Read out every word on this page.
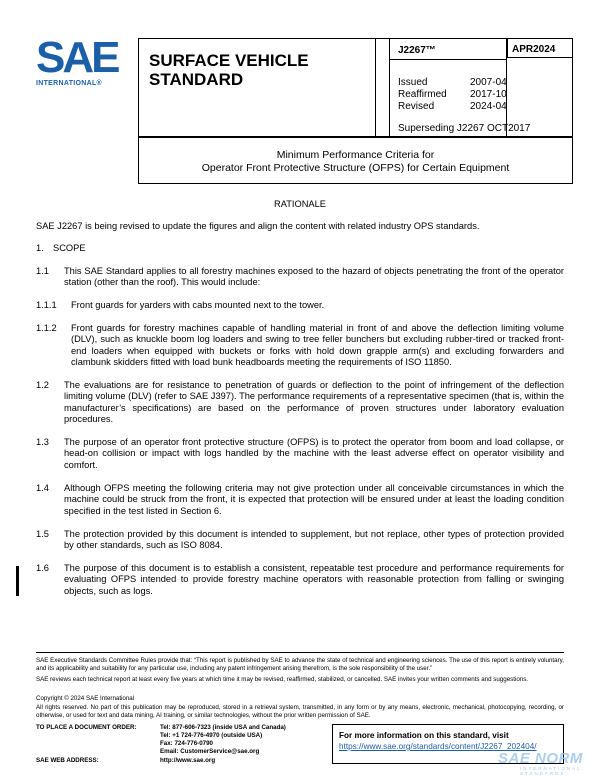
SAE
INTERNATIONAL®
SURFACE VEHICLE
STANDARD
J2267™	APR2024
Issued	2007-04
Reaffirmed	2017-10
Revised	2024-04
Superseding J2267 OCT2017
Minimum Performance Criteria for
Operator Front Protective Structure (OFPS) for Certain Equipment
RATIONALE
SAE J2267 is being revised to update the figures and align the content with related industry OPS standards.
1. SCOPE
1.1 This SAE Standard applies to all forestry machines exposed to the hazard of objects penetrating the front of the operator station (other than the roof). This would include:
1.1.1 Front guards for yarders with cabs mounted next to the tower.
1.1.2 Front guards for forestry machines capable of handling material in front of and above the deflection limiting volume (DLV), such as knuckle boom log loaders and swing to tree feller bunchers but excluding rubber-tired or tracked front-end loaders when equipped with buckets or forks with hold down grapple arm(s) and excluding forwarders and clambunk skidders fitted with load bunk headboards meeting the requirements of ISO 11850.
1.2 The evaluations are for resistance to penetration of guards or deflection to the point of infringement of the deflection limiting volume (DLV) (refer to SAE J397). The performance requirements of a representative specimen (that is, within the manufacturer’s specifications) are based on the performance of proven structures under laboratory evaluation procedures.
1.3 The purpose of an operator front protective structure (OFPS) is to protect the operator from boom and load collapse, or head-on collision or impact with logs handled by the machine with the least adverse effect on operator visibility and comfort.
1.4 Although OFPS meeting the following criteria may not give protection under all conceivable circumstances in which the machine could be struck from the front, it is expected that protection will be ensured under at least the loading condition specified in the test listed in Section 6.
1.5 The protection provided by this document is intended to supplement, but not replace, other types of protection provided by other standards, such as ISO 8084.
1.6 The purpose of this document is to establish a consistent, repeatable test procedure and performance requirements for evaluating OFPS intended to provide forestry machine operators with reasonable protection from falling or swinging objects, such as logs.
SAE Executive Standards Committee Rules provide that: “This report is published by SAE to advance the state of technical and engineering sciences. The use of this report is entirely voluntary, and its applicability and suitability for any particular use, including any patent infringement arising therefrom, is the sole responsibility of the user.”
SAE reviews each technical report at least every five years at which time it may be revised, reaffirmed, stabilized, or cancelled. SAE invites your written comments and suggestions.
Copyright © 2024 SAE International
All rights reserved. No part of this publication may be reproduced, stored in a retrieval system, transmitted, in any form or by any means, electronic, mechanical, photocopying, recording, or otherwise, or used for text and data mining, AI training, or similar technologies, without the prior written permission of SAE.
TO PLACE A DOCUMENT ORDER:	Tel: 877-606-7323 (inside USA and Canada)
Tel: +1 724-776-4970 (outside USA)
Fax: 724-776-0790
Email: CustomerService@sae.org
SAE WEB ADDRESS:	http://www.sae.org
For more information on this standard, visit
https://www.sae.org/standards/content/J2267_202404/
SAE NORM
INTERNATIONAL STANDARDS
